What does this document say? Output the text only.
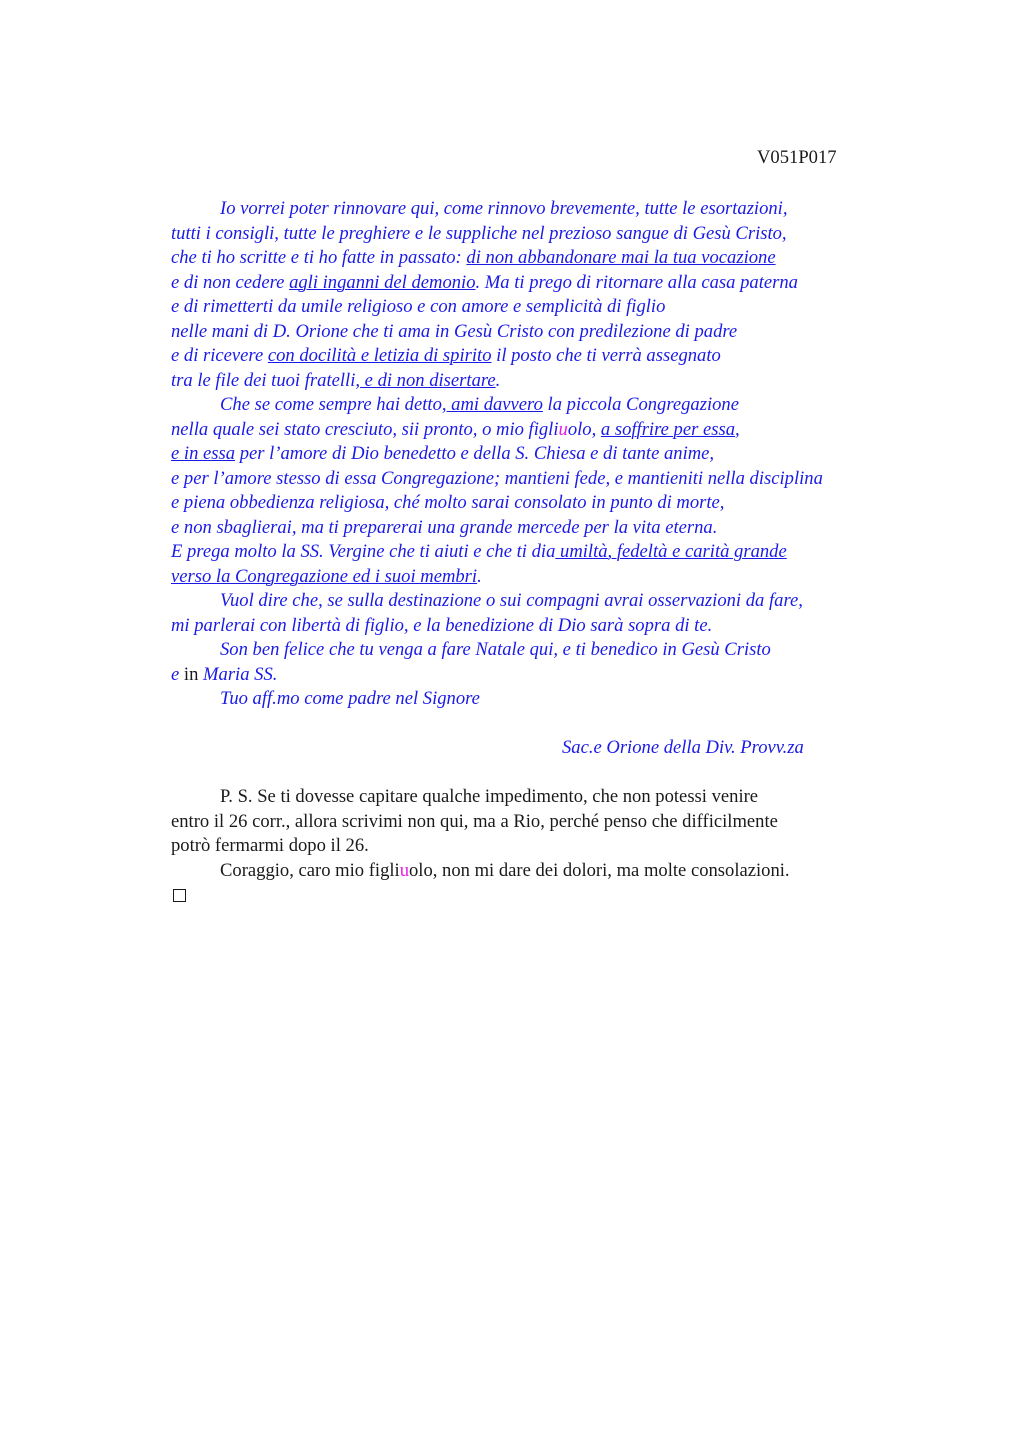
V051P017
Io vorrei poter rinnovare qui, come rinnovo brevemente, tutte le esortazioni,
tutti i consigli, tutte le preghiere e le suppliche nel prezioso sangue di Gesù Cristo,
che ti ho scritte e ti ho fatte in passato: di non abbandonare mai la tua vocazione
e di non cedere agli inganni del demonio. Ma ti prego di ritornare alla casa paterna
e di rimetterti da umile religioso e con amore e semplicità di figlio
nelle mani di D. Orione che ti ama in Gesù Cristo con predilezione di padre
e di ricevere con docilità e letizia di spirito il posto che ti verrà assegnato
tra le file dei tuoi fratelli, e di non disertare.
Che se come sempre hai detto, ami davvero la piccola Congregazione
nella quale sei stato cresciuto, sii pronto, o mio figliuolo, a soffrire per essa,
e in essa per l’amore di Dio benedetto e della S. Chiesa e di tante anime,
e per l’amore stesso di essa Congregazione; mantieni fede, e mantieniti nella disciplina
e piena obbedienza religiosa, ché molto sarai consolato in punto di morte,
e non sbaglierai, ma ti preparerai una grande mercede per la vita eterna.
E prega molto la SS. Vergine che ti aiuti e che ti dia umiltà, fedeltà e carità grande
verso la Congregazione ed i suoi membri.
Vuol dire che, se sulla destinazione o sui compagni avrai osservazioni da fare,
mi parlerai con libertà di figlio, e la benedizione di Dio sarà sopra di te.
Son ben felice che tu venga a fare Natale qui, e ti benedico in Gesù Cristo
e in Maria SS.
Tuo aff.mo come padre nel Signore
Sac.e Orione della Div. Provv.za
P. S. Se ti dovesse capitare qualche impedimento, che non potessi venire
entro il 26 corr., allora scrivimi non qui, ma a Rio, perché penso che difficilmente
potrò fermarmi dopo il 26.
Coraggio, caro mio figliuolo, non mi dare dei dolori, ma molte consolazioni.
